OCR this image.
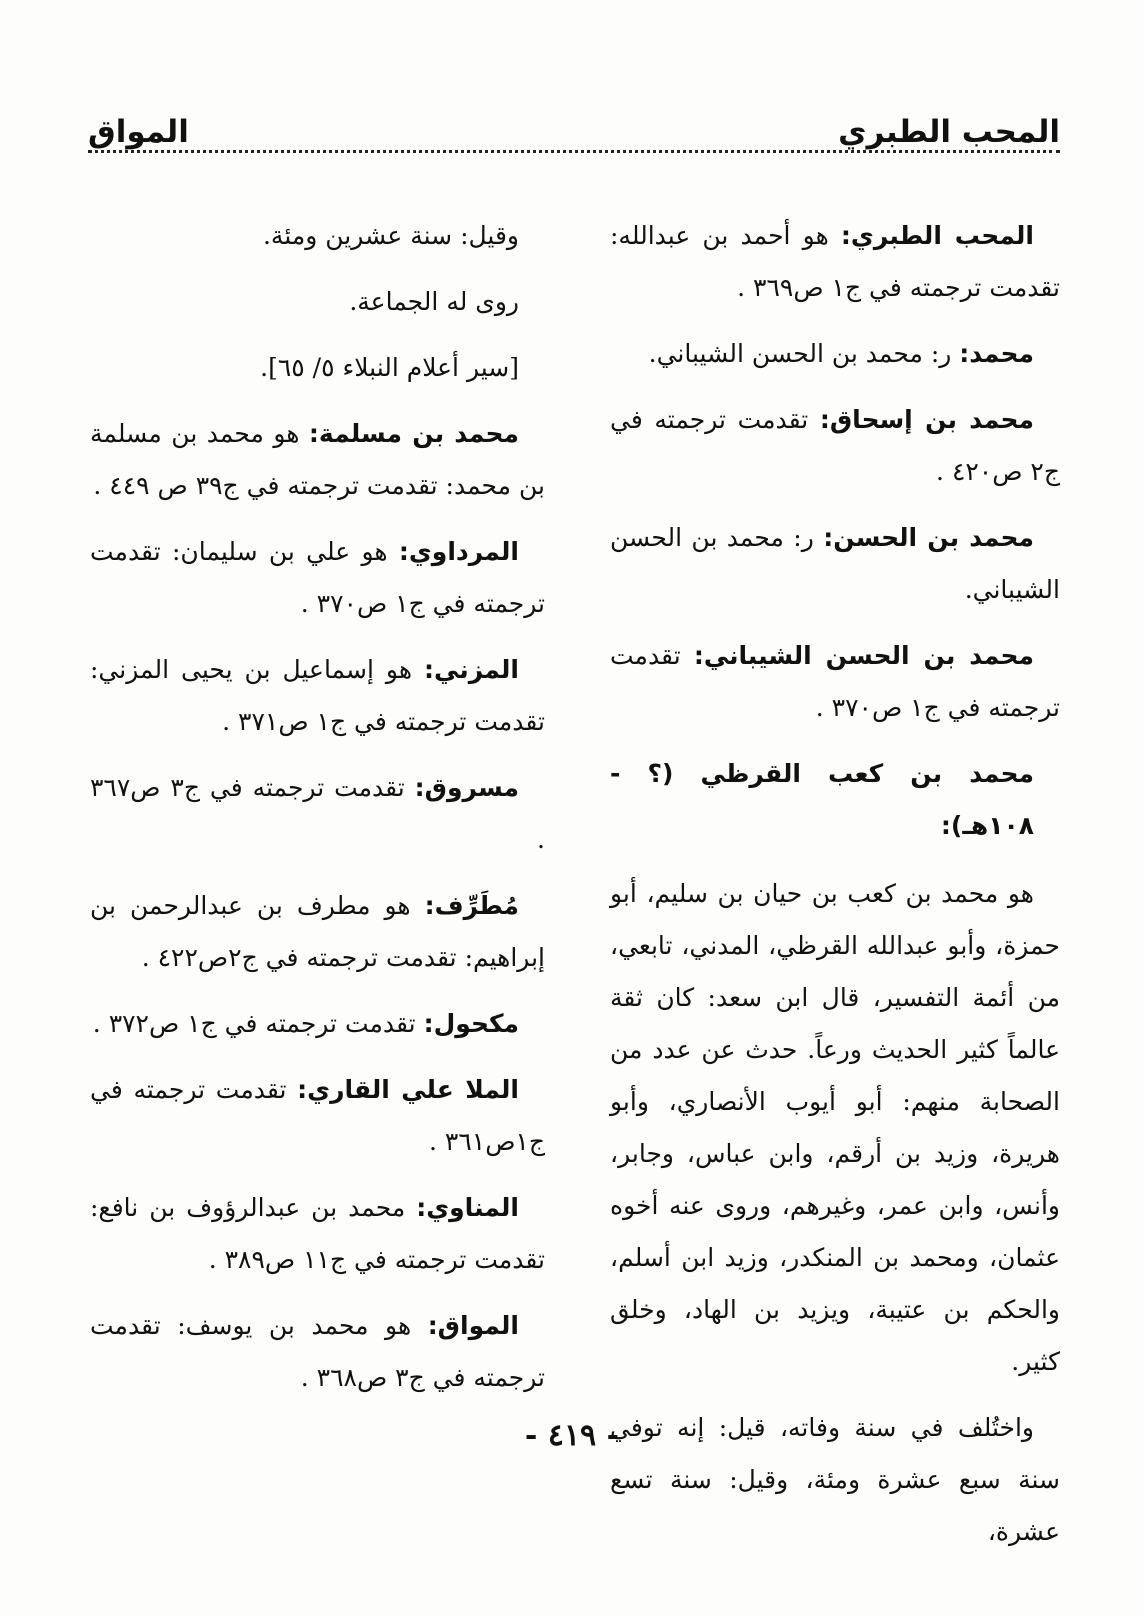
المحب الطبري
المواق

المحب الطبري: هو أحمد بن عبدالله: تقدمت ترجمته في ج١ ص٣٦٩ .

محمد: ر: محمد بن الحسن الشيباني.

محمد بن إسحاق: تقدمت ترجمته في ج٢ ص٤٢٠ .

محمد بن الحسن: ر: محمد بن الحسن الشيباني.

محمد بن الحسن الشيباني: تقدمت ترجمته في ج١ ص٣٧٠ .

محمد بن كعب القرظي (؟ - ١٠٨هـ):

هو محمد بن كعب بن حيان بن سليم، أبو حمزة، وأبو عبدالله القرظي، المدني، تابعي، من أئمة التفسير، قال ابن سعد: كان ثقة عالماً كثير الحديث ورعاً. حدث عن عدد من الصحابة منهم: أبو أيوب الأنصاري، وأبو هريرة، وزيد بن أرقم، وابن عباس، وجابر، وأنس، وابن عمر، وغيرهم، وروى عنه أخوه عثمان، ومحمد بن المنكدر، وزيد ابن أسلم، والحكم بن عتيبة، ويزيد بن الهاد، وخلق كثير.

واختُلف في سنة وفاته، قيل: إنه توفي سنة سبع عشرة ومئة، وقيل: سنة تسع عشرة،

وقيل: سنة عشرين ومئة.

روى له الجماعة.

[سير أعلام النبلاء ٥/ ٦٥].

محمد بن مسلمة: هو محمد بن مسلمة بن محمد: تقدمت ترجمته في ج٣٩ ص ٤٤٩ .

المرداوي: هو علي بن سليمان: تقدمت ترجمته في ج١ ص٣٧٠ .

المزني: هو إسماعيل بن يحيى المزني: تقدمت ترجمته في ج١ ص٣٧١ .

مسروق: تقدمت ترجمته في ج٣ ص٣٦٧ .

مُطَرِّف: هو مطرف بن عبدالرحمن بن إبراهيم: تقدمت ترجمته في ج٢ص٤٢٢ .

مكحول: تقدمت ترجمته في ج١ ص٣٧٢ .

الملا علي القاري: تقدمت ترجمته في ج١ص٣٦١ .

المناوي: محمد بن عبدالرؤوف بن نافع: تقدمت ترجمته في ج١١ ص٣٨٩ .

المواق: هو محمد بن يوسف: تقدمت ترجمته في ج٣ ص٣٦٨ .

- ٤١٩ -
